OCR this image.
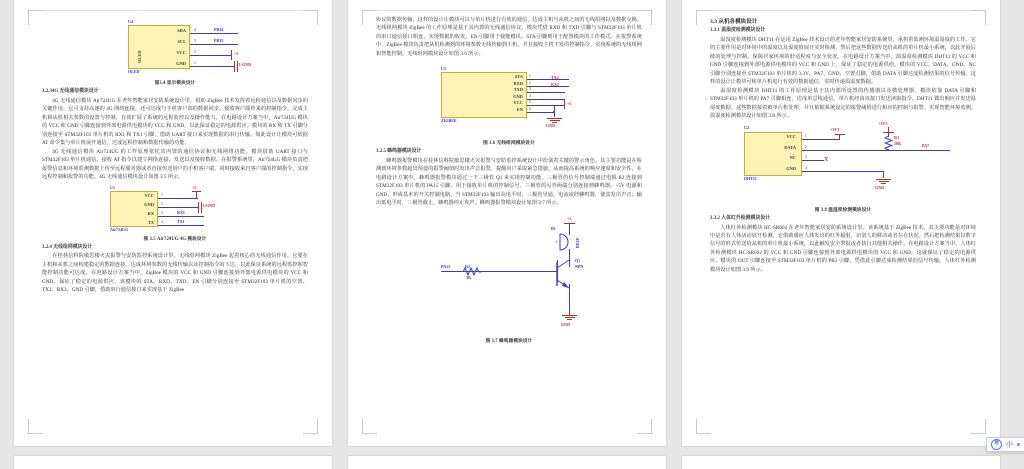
U4
OLED
SDA 4	PB14
SCL 3	PB15
VCC 2	+5
GND 1	I-GND
OLED
图3.4 显示模块设计
3.2.34G 无线通信模块设计

4G 无线通信模块 Air724UG 在老年智能家居安防系统设计里，借助 ZigBee 技术发挥着远程通信以及数据同步的关键作用。它可支持高速的 4G 网络连接，还可达成与手机客户端的数据同步。接收客户端传来的控制指令，完成主机和从机相关参数的设置与控制。有效扩展了系统的远程监控以及操作能力。在电路设计方案当中，Air724UG 模块的 VCC 和 GND 引脚连接到外部电源供电模块的 VCC 和 GND，以此保证稳定的电源供应。模块的 RX 和 TX 引脚分别连接至 STM32F103 单片机的 RX1 和 TX1 引脚，借助 UART 接口来实现数据的串行传输。如此设计让模块可依据 AT 命令集与单片机展开通信，达成远程控制和数据传输的功能。

4G 无线通信模块 Air724UG 的工作原理依托其内置的通信协议和无线网络功能。模块借助 UART 接口与 STM32F103 单片机通信。接收 AT 指令以建立网络连接、发送以及接收数据。在报警系统里，Air724UG 模块负责把报警信息和环境监测数据上传至远程服务器或者直接传送用户的手机客户端。同时接收来自客户端的控制指令，实现远程控制和报警的功能。4G 无线通信模块设计如图 3.5 所示。

U1
VCC 1
+5
GND 2	I-GND
RX 3	RX1
TX 4	TX1
Air724UG
图 3.5 Air724UG 4G 模块设计
3.2.4 无线组网模块设计

在桂林信科院敏思楼火灾报警与安防监控系统设计里，无线组网模块 ZigBee 起着核心的无线通信作用。它要在主机和从机之间构建稳定的数据连接，达成环境参数的无线传输以及控制指令的下达，以此保证系统的远程监控和智能控制功能可达成。在电路设计方案当中，ZigBee 模块的 VCC 和 GND 引脚连接到外部电源供电模块的 VCC 和 GND，保证了稳定的电源供应。该模块的 STA、RXD、TXD、EN 引脚分别连接至 STM32F103 单片机的空置、TX2、RX2、GND 引脚，借助串行通信接口来实现基于 ZigBee

协议的数据传输。这样的设计让模块可以与单片机进行有效的通信，达成主机与从机之间的无线组网以及数据交换。无线组网模块 ZigBee 的工作原理是基于其内置的无线通信协议。模块凭借 RXD 和 TXD 引脚与 STM32F103 单片机的串口通信接口相连，实现数据的收发。EN 引脚用于使能模块。STA 引脚则用于配置模块的工作模式。在报警系统中，ZigBee 模块负责把从机检测到的环境参数无线传输到主机，并且接收主机下发的控制指令，实现系统的无线组网和智能控制。无线组网模块设计如图 3.6 所示。

U1
STA 1	TX2
RXD 2	RX2
TXD 3
GND 4
VCC 5	+5
EN 6
GND
ZIGBEE
图 3.6 无线组网模块设计
3.2.5 蜂鸣器模块设计

蜂鸣器报警模块在桂林信科院敏思楼火灾报警与安防监控系统设计中扮演着关键的警示角色。其主要功能是在检测到环境参数超出预设的报警阈值时发出声音报警，提醒用户采取紧急措施。从而提高系统的响应速度和安全性。在电路设计方案中，蜂鸣器报警模块通过一个三极管 Q1 来实现控制功能。三极管的信号控制端通过电阻 R2 连接到 STM32F103 单片机的 PA15 引脚，用于接收单片机的控制信号。三极管的另外两端分别连接到蜂鸣器、+5V 电源和 GND，形成基本的开关控制电路。当 STM32F103 输出高电平时，三极管导通，电流流经蜂鸣器，使其发出声音；输出低电平时，三极管截止，蜂鸣器停止发声。蜂鸣器报警模块设计如图 3.7 所示。

+5
B1
+	BEEP
Q1
NPN
PA15	R2
1K
GND
图 3.7 蜂鸣器模块设计
3.3 从机各模块设计
3.3.1 温湿度检测模块设计

温湿度检测模块 DHT11 在运用 ZigBee 技术设计的老年智能家居安防系统里，承担着监测环境温湿度的工作。它的主要作用是对环境中的温度以及湿度值展开实时检测，然后把这些数据传送给从机的单片机最小系统，以此开展后续的处理与控制。保障居家环境的舒适程度与安全状况。在电路设计方案当中，温湿度检测模块 DHT11 的 VCC 和 GND 引脚连接到外部电源供电模块的 VCC 和 GND 上，保证了稳定的电源供给。模块的 VCC、DATA、GND、NC 引脚分别连接至 STM32F103 单片机的 3.3V、PA7、GND、空置引脚，借助 DATA 引脚达成检测结果的信号传输，这样的设计让模块可和单片机进行有效的数据通信，实时传递温湿度数据。

温湿度检测模块 DHT11 的工作原理是基于其内部所设置的传感器以及微处理器。模块依靠 DATA 引脚和 STM32F103 单片机的 PA7 引脚相连，达成单总线通信。单片机经由该接口发送读取指令。DHT11 做出响应并发送温湿度数据。这些数据接着被单片机处理。并且依据系统设定的报警阈值进行相应的控制与报警。实现智能环境监测。温湿度检测模块设计如图 3.8 所示。

U2
VCC	1
+3V3
DATA	2	PA7
+3V3
R3
10K
NC	3	X
GND	4
GND
DHT11
图 3.8 温湿度检测模块设计
3.3.2 人体红外检测模块设计

人体红外检测模块 HC-SR602 在老年智能家居安防系统设计里。该系统基于 ZigBee 技术。其主要功能是对环境中是否有人体活动展开检测。它借助感应人体发出的红外辐射，识别人的移动或者存在状况。然后把检测结果以数字信号的形式传送给从机的单片机最小系统，以此触发安全警报或者执行其他相关操作。在电路设计方案当中，人体红外检测模块 HC-SR602 的 VCC 和 GND 引脚连接到外部电源供电模块的 VCC 和 GND，这就保证了稳定的电源供应。模块的 OUT 引脚连接至 STM32F103 单片机的 PB3 引脚，凭借此引脚达成检测结果的信号传输。人体红外检测模块设计如图 3.9 所示。

搜	中
